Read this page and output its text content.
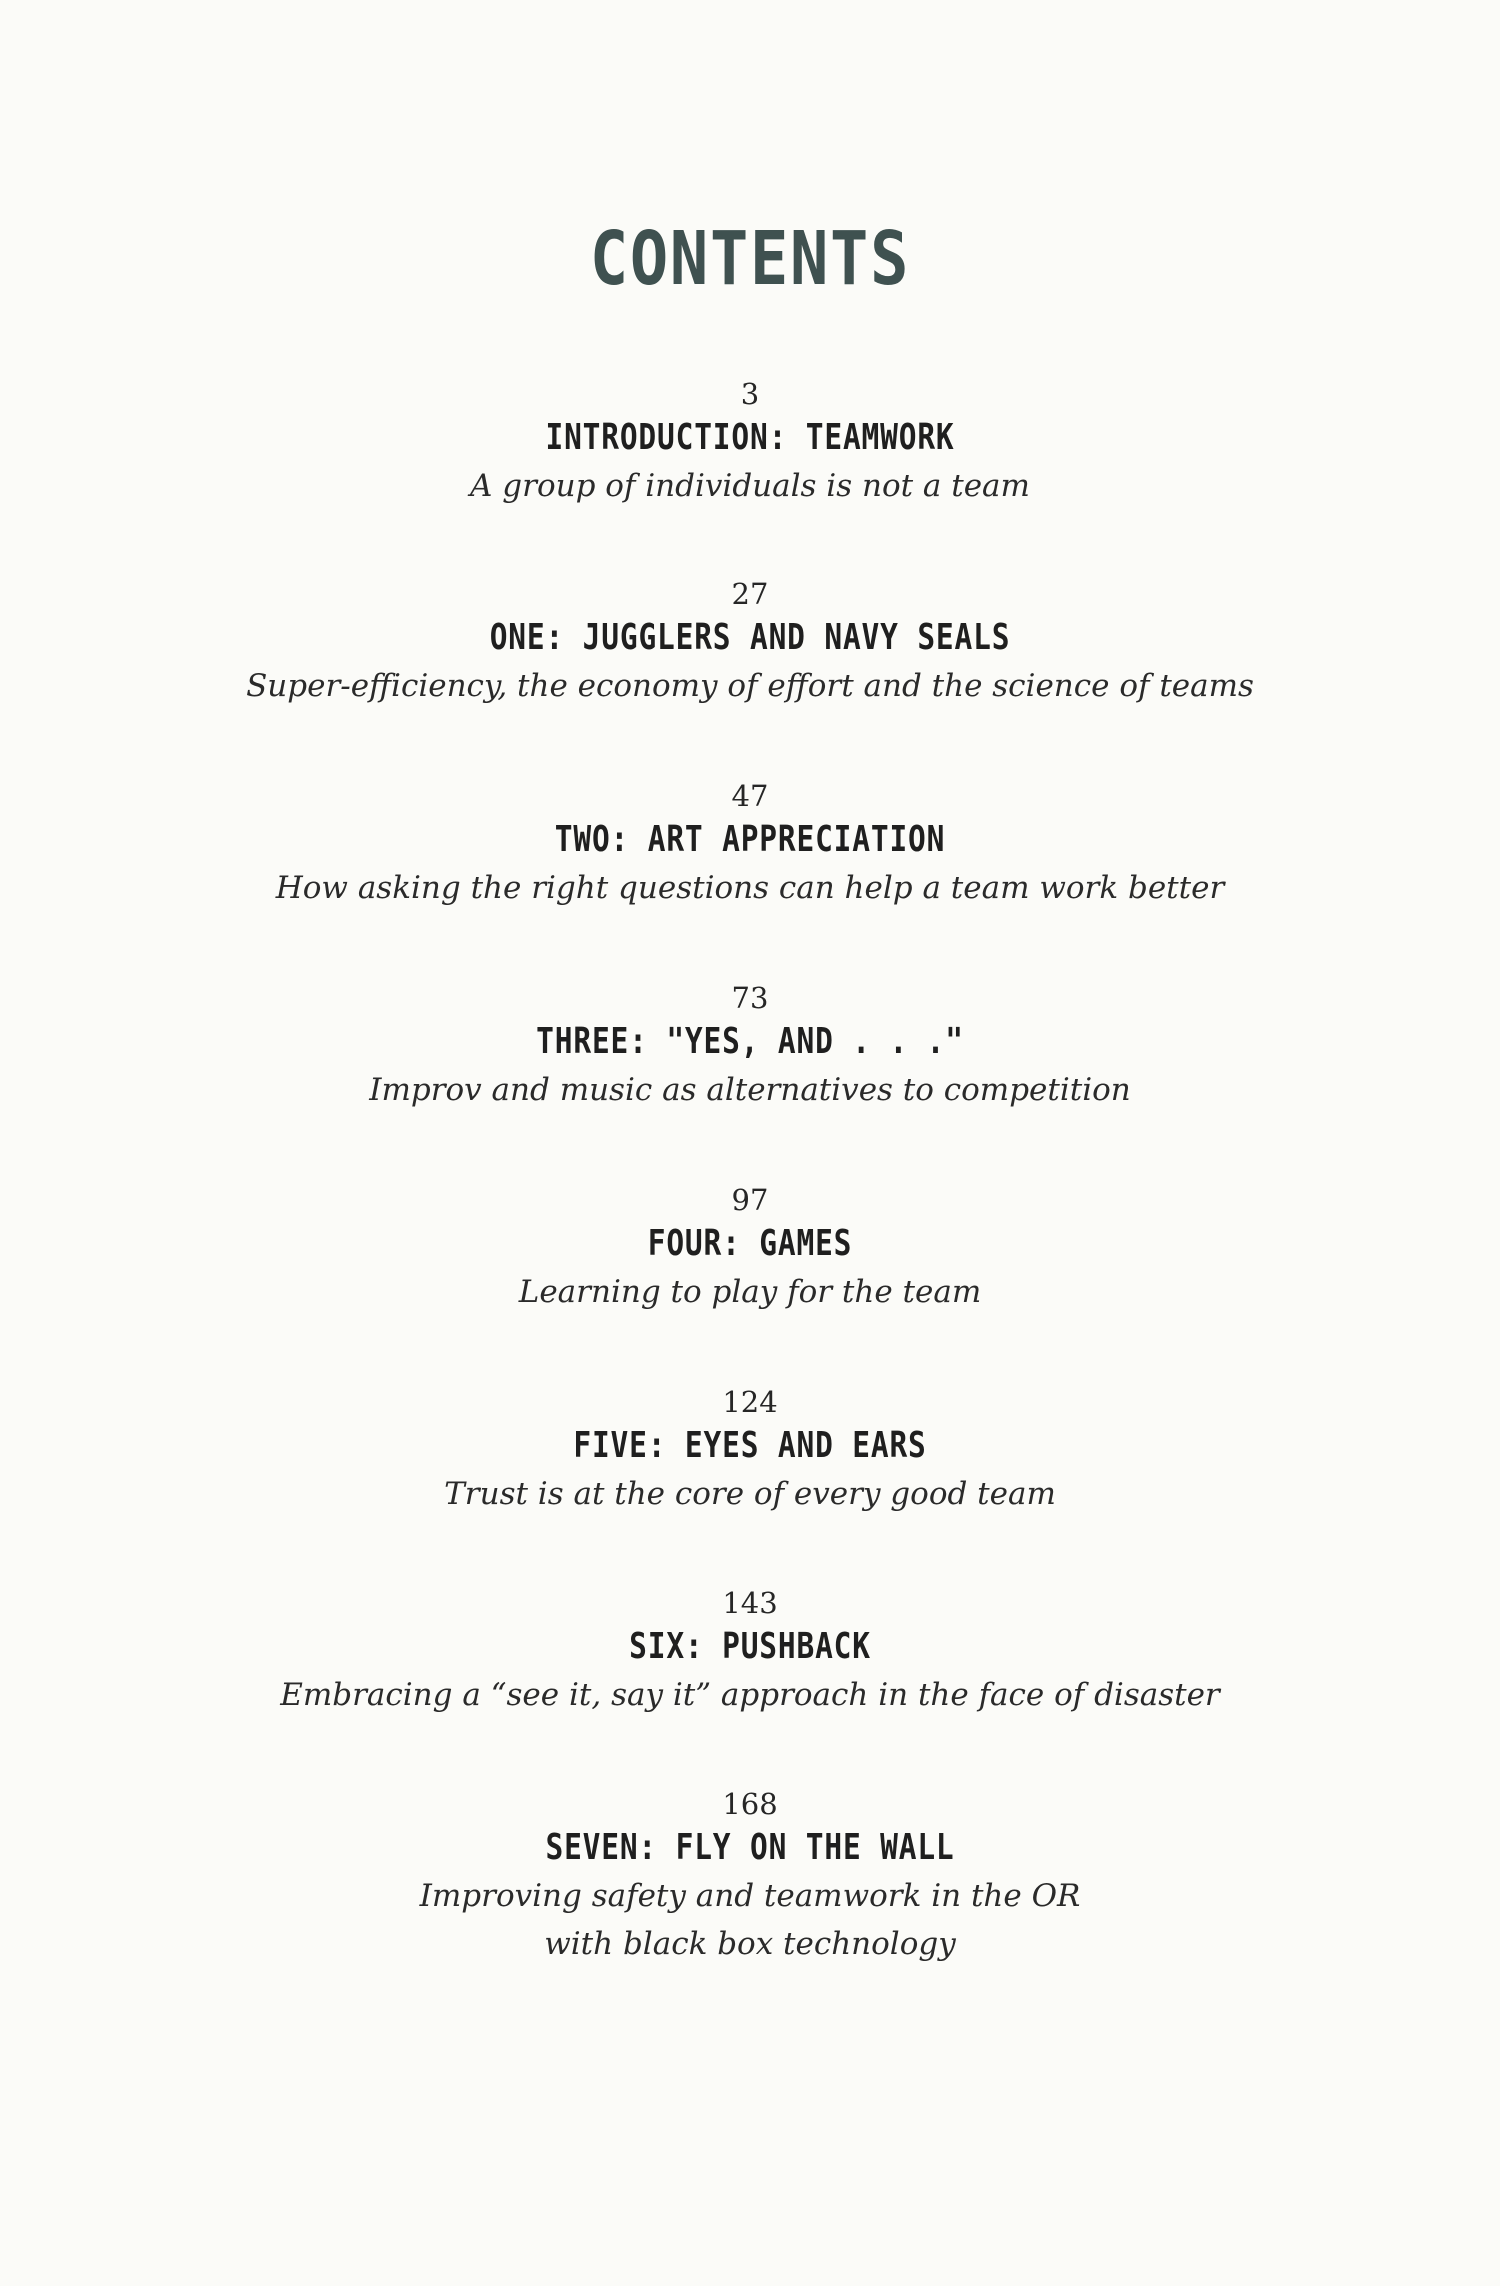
CONTENTS
3
INTRODUCTION: TEAMWORK
A group of individuals is not a team
27
ONE: JUGGLERS AND NAVY SEALS
Super-efficiency, the economy of effort and the science of teams
47
TWO: ART APPRECIATION
How asking the right questions can help a team work better
73
THREE: "YES, AND . . ."
Improv and music as alternatives to competition
97
FOUR: GAMES
Learning to play for the team
124
FIVE: EYES AND EARS
Trust is at the core of every good team
143
SIX: PUSHBACK
Embracing a “see it, say it” approach in the face of disaster
168
SEVEN: FLY ON THE WALL
Improving safety and teamwork in the OR
with black box technology
